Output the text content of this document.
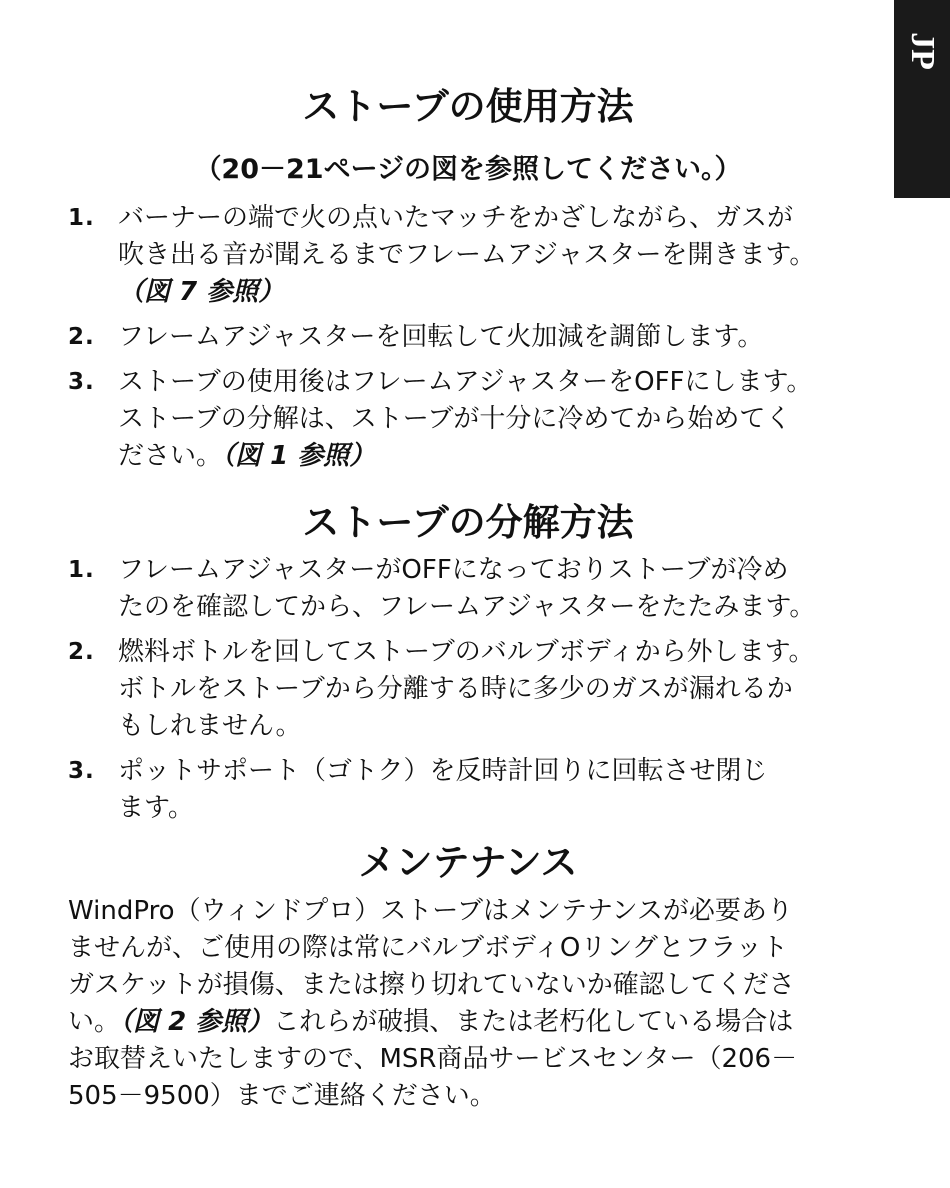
JP
ストーブの使用方法
（20－21ページの図を参照してください。）
1. バーナーの端で火の点いたマッチをかざしながら、ガスが
吹き出る音が聞えるまでフレームアジャスターを開きます。
（図 7 参照）
2. フレームアジャスターを回転して火加減を調節します。
3. ストーブの使用後はフレームアジャスターをOFFにします。
ストーブの分解は、ストーブが十分に冷めてから始めてく
ださい。（図 1 参照）
ストーブの分解方法
1. フレームアジャスターがOFFになっておりストーブが冷め
たのを確認してから、フレームアジャスターをたたみます。
2. 燃料ボトルを回してストーブのバルブボディから外します。
ボトルをストーブから分離する時に多少のガスが漏れるか
もしれません。
3. ポットサポート（ゴトク）を反時計回りに回転させ閉じ
ます。
メンテナンス
WindPro（ウィンドプロ）ストーブはメンテナンスが必要あり
ませんが、ご使用の際は常にバルブボディOリングとフラット
ガスケットが損傷、または擦り切れていないか確認してくださ
い。（図 2 参照）これらが破損、または老朽化している場合は
お取替えいたしますので、MSR商品サービスセンター（206－
505－9500）までご連絡ください。
